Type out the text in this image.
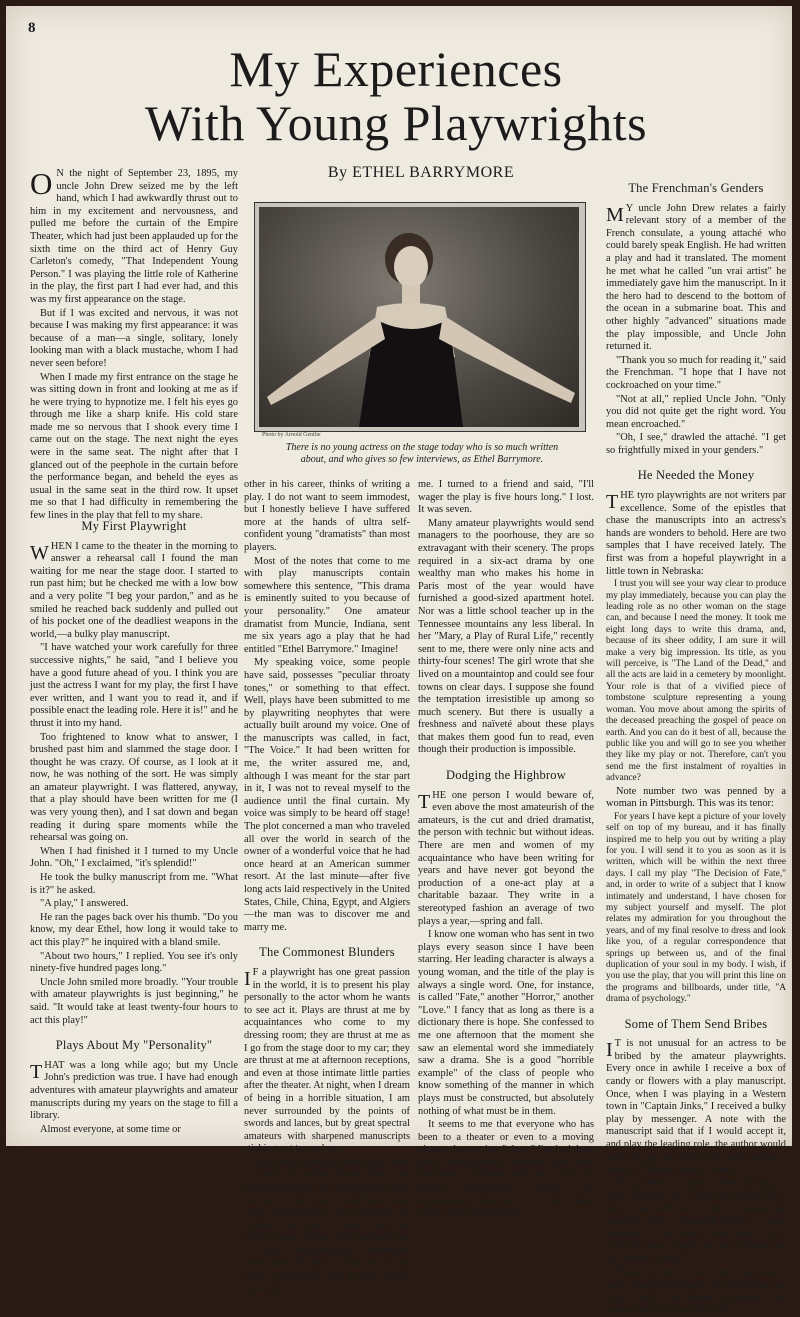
8
My Experiences
With Young Playwrights
By ETHEL BARRYMORE

O N the night of September 23, 1895, my uncle John Drew seized me by the left hand, which I had awkwardly thrust out to him in my excitement and nervousness, and pulled me before the curtain of the Empire Theater, which had just been applauded up for the sixth time on the third act of Henry Guy Carleton's comedy, "That Independent Young Person." I was playing the little role of Katherine in the play, the first part I had ever had, and this was my first appearance on the stage.

But if I was excited and nervous, it was not because I was making my first appearance: it was because of a man—a single, solitary, lonely looking man with a black mustache, whom I had never seen before!

When I made my first entrance on the stage he was sitting down in front and looking at me as if he were trying to hypnotize me. I felt his eyes go through me like a sharp knife. His cold stare made me so nervous that I shook every time I came out on the stage. The next night the eyes were in the same seat. The night after that I glanced out of the peephole in the curtain before the performance began, and beheld the eyes as usual in the same seat in the third row. It upset me so that I had difficulty in remembering the few lines in the play that fell to my share.

Photo by Arnold Genthe
There is no young actress on the stage today who is so much written about, and who gives so few interviews, as Ethel Barrymore.
My First Playwright

WHEN I came to the theater in the morning to answer a rehearsal call I found the man waiting for me near the stage door. I started to run past him; but he checked me with a low bow and a very polite "I beg your pardon," and as he smiled he reached back suddenly and pulled out of his pocket one of the deadliest weapons in the world,—a bulky play manuscript.

"I have watched your work carefully for three successive nights," he said, "and I believe you have a good future ahead of you. I think you are just the actress I want for my play, the first I have ever written, and I want you to read it, and if possible enact the leading role. Here it is!" and he thrust it into my hand.

Too frightened to know what to answer, I brushed past him and slammed the stage door. I thought he was crazy. Of course, as I look at it now, he was nothing of the sort. He was simply an amateur playwright. I was flattered, anyway, that a play should have been written for me (I was very young then), and I sat down and began reading it during spare moments while the rehearsal was going on.

When I had finished it I turned to my Uncle John. "Oh," I exclaimed, "it's splendid!"

He took the bulky manuscript from me. "What is it?" he asked.

"A play," I answered.

He ran the pages back over his thumb. "Do you know, my dear Ethel, how long it would take to act this play?" he inquired with a bland smile.

"About two hours," I replied. You see it's only ninety-five hundred pages long."

Uncle John smiled more broadly. "Your trouble with amateur playwrights is just beginning," he said. "It would take at least twenty-four hours to act this play!"

Plays About My "Personality"

THAT was a long while ago; but my Uncle John's prediction was true. I have had enough adventures with amateur playwrights and amateur manuscripts during my years on the stage to fill a library.

Almost everyone, at some time or

other in his career, thinks of writing a play. I do not want to seem immodest, but I honestly believe I have suffered more at the hands of ultra self-confident young "dramatists" than most players.

Most of the notes that come to me with play manuscripts contain somewhere this sentence, "This drama is eminently suited to you because of your personality." One amateur dramatist from Muncie, Indiana, sent me six years ago a play that he had entitled "Ethel Barrymore." Imagine!

My speaking voice, some people have said, possesses "peculiar throaty tones," or something to that effect. Well, plays have been submitted to me by playwriting neophytes that were actually built around my voice. One of the manuscripts was called, in fact, "The Voice." It had been written for me, the writer assured me, and, although I was meant for the star part in it, I was not to reveal myself to the audience until the final curtain. My voice was simply to be heard off stage! The plot concerned a man who traveled all over the world in search of the owner of a wonderful voice that he had once heard at an American summer resort. At the last minute—after five long acts laid respectively in the United States, Chile, China, Egypt, and Algiers—the man was to discover me and marry me.

The Commonest Blunders

I F a playwright has one great passion in the world, it is to present his play personally to the actor whom he wants to see act it. Plays are thrust at me by acquaintances who come to my dressing room; they are thrust at me as I go from the stage door to my car; they are thrust at me at afternoon receptions, and even at those intimate little parties after the theater. At night, when I dream of being in a horrible situation, I am never surrounded by the points of swords and lances, but by great spectral amateurs with sharpened manuscripts sticking out toward me.

You would think, in these days when so much is written about plays and playwriting, that the young person who set out to write a play would have some slight knowledge of the rudiments of technic. Yet some of them have not even a sense of time. Not long ago one of my acquaintances announced enthusiastically that he had sent to my hotel a manuscript that he had written expressly for

me. I turned to a friend and said, "I'll wager the play is five hours long." I lost. It was seven.

Many amateur playwrights would send managers to the poorhouse, they are so extravagant with their scenery. The props required in a six-act drama by one wealthy man who makes his home in Paris most of the year would have furnished a good-sized apartment hotel. Nor was a little school teacher up in the Tennessee mountains any less liberal. In her "Mary, a Play of Rural Life," recently sent to me, there were only nine acts and thirty-four scenes! The girl wrote that she lived on a mountaintop and could see four towns on clear days. I suppose she found the temptation irresistible up among so much scenery. But there is usually a freshness and naïveté about these plays that makes them good fun to read, even though their production is impossible.

Dodging the Highbrow

THE one person I would beware of, even above the most amateurish of the amateurs, is the cut and dried dramatist, the person with technic but without ideas. There are men and women of my acquaintance who have been writing for years and have never got beyond the production of a one-act play at a charitable bazaar. They write in a stereotyped fashion an average of two plays a year,—spring and fall.

I know one woman who has sent in two plays every season since I have been starring. Her leading character is always a young woman, and the title of the play is always a single word. One, for instance, is called "Fate," another "Horror," another "Love." I fancy that as long as there is a dictionary there is hope. She confessed to me one afternoon that the moment she saw an elemental word she immediately saw a drama. She is a good "horrible example" of the class of people who know something of the manner in which plays must be constructed, but absolutely nothing of what must be in them.

It seems to me that everyone who has been to a theater or even to a moving picture show writes "plays." I've had them from Ambassadors, Senators, and even waitresses. I believe there isn't a class of people represented among my acquaintances that has not sent me at least a half-dozen manuscripts.

The Frenchman's Genders

M Y uncle John Drew relates a fairly relevant story of a member of the French consulate, a young attaché who could barely speak English. He had written a play and had it translated. The moment he met what he called "un vrai artist" he immediately gave him the manuscript. In it the hero had to descend to the bottom of the ocean in a submarine boat. This and other highly "advanced" situations made the play impossible, and Uncle John returned it.

"Thank you so much for reading it," said the Frenchman. "I hope that I have not cockroached on your time."

"Not at all," replied Uncle John. "Only you did not quite get the right word. You mean encroached."

"Oh, I see," drawled the attaché. "I get so frightfully mixed in your genders."

He Needed the Money

THE tyro playwrights are not writers par excellence. Some of the epistles that chase the manuscripts into an actress's hands are wonders to behold. Here are two samples that I have received lately. The first was from a hopeful playwright in a little town in Nebraska:

I trust you will see your way clear to produce my play immediately, because you can play the leading role as no other woman on the stage can, and because I need the money. It took me eight long days to write this drama, and, because of its sheer oddity, I am sure it will make a very big impression. Its title, as you will perceive, is "The Land of the Dead," and all the acts are laid in a cemetery by moonlight. Your role is that of a vivified piece of tombstone sculpture representing a young woman. You move about among the spirits of the deceased preaching the gospel of peace on earth. And you can do it best of all, because the public like you and will go to see you whether they like my play or not. Therefore, can't you send me the first instalment of royalties in advance?

Note number two was penned by a woman in Pittsburgh. This was its tenor:

For years I have kept a picture of your lovely self on top of my bureau, and it has finally inspired me to help you out by writing a play for you. I will send it to you as soon as it is written, which will be within the next three days. I call my play "The Decision of Fate," and, in order to write of a subject that I know intimately and understand, I have chosen for my subject yourself and myself. The plot relates my admiration for you throughout the years, and of my final resolve to dress and look like you, of a regular correspondence that springs up between us, and of the final duplication of your soul in my body. I wish, if you use the play, that you will print this line on the programs and billboards, under title, "A drama of psychology."

Some of Them Send Bribes

I T is not unusual for an actress to be bribed by the amateur playwrights. Every once in awhile I receive a box of candy or flowers with a play manuscript. Once, when I was playing in a Western town in "Captain Jinks," I received a bulky play by messenger. A note with the manuscript said that if I would accept it, and play the leading role, the author would agree to pay me out of his own pocket a bonus of fifteen dollars a week.

On another occasion, when playing in New England in "Alice-Sit-by-the-Fire," there was delivered to me a manuscript together with a beautiful turkey. A note attached to the turkey's foot read, "I will bring this play of mine to your attention by fair means or fowl."

These are only a few of my experiences with young playwrights. Of one thing you may be sure,—the amateur dramatist is the hardest part of an actress's job.
